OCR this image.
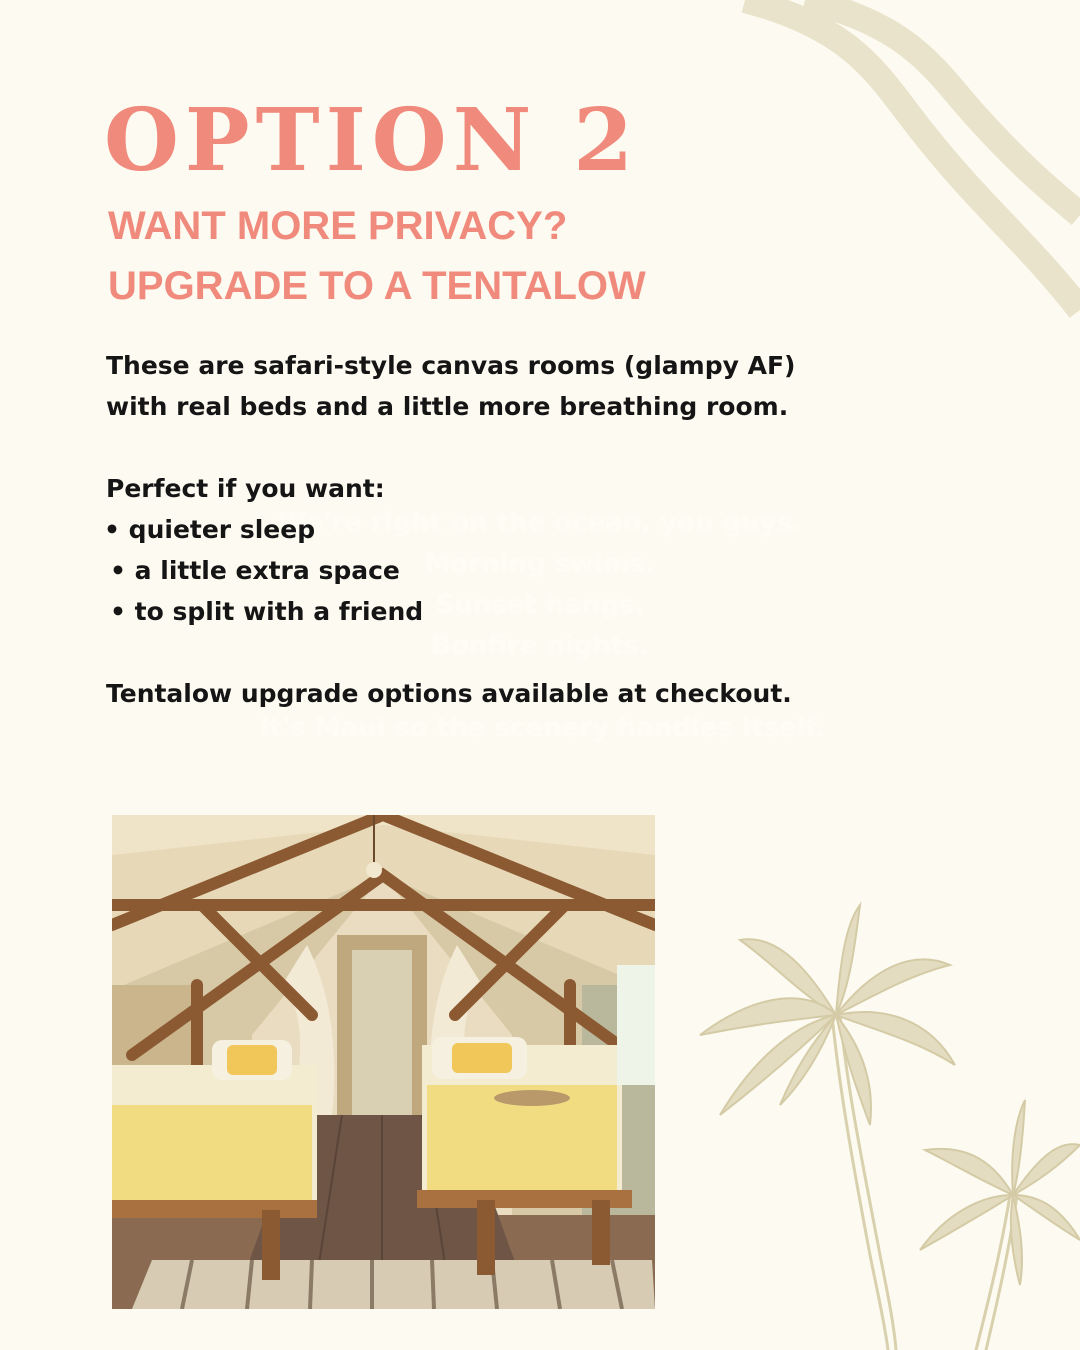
OPTION 2
WANT MORE PRIVACY?
UPGRADE TO A TENTALOW
We're right on the ocean, you guys.
Morning swims.
Sunset hangs.
Bonfire nights.
It's Maui so the scenery handles itself.
These are safari-style canvas rooms (glampy AF)
with real beds and a little more breathing room.
Perfect if you want:
• quieter sleep
• a little extra space
• to split with a friend
Tentalow upgrade options available at checkout.
